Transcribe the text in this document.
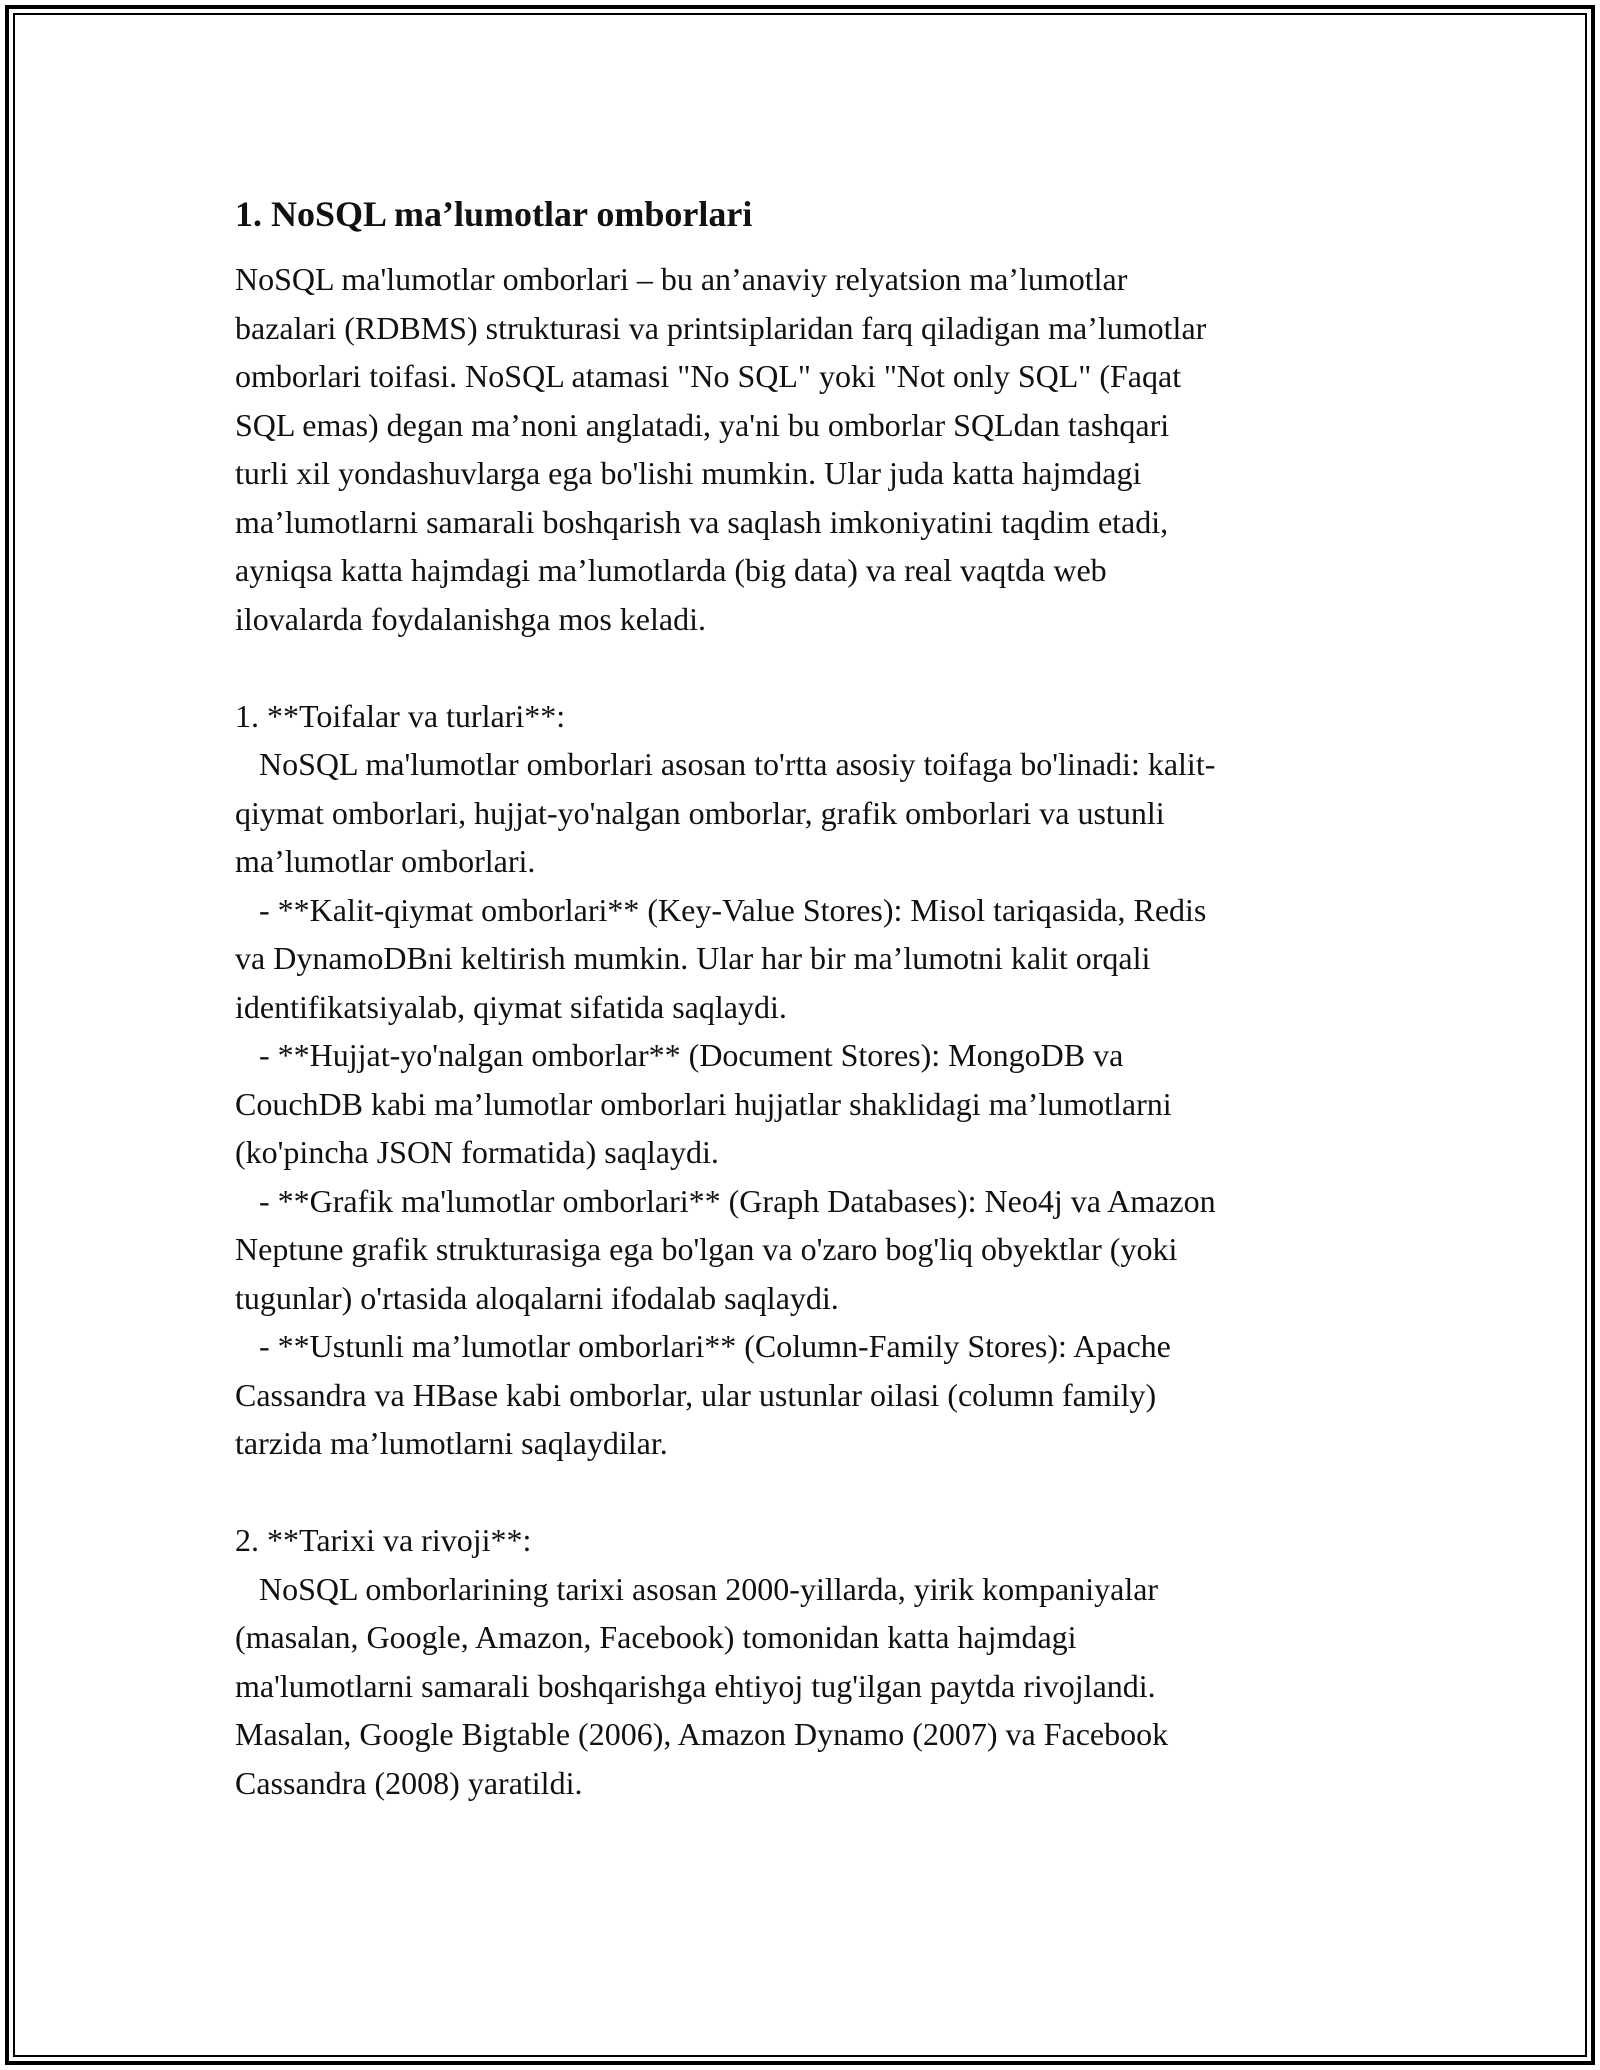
1. NoSQL ma’lumotlar omborlari
NoSQL ma'lumotlar omborlari – bu an’anaviy relyatsion ma’lumotlar
bazalari (RDBMS) strukturasi va printsiplaridan farq qiladigan ma’lumotlar
omborlari toifasi. NoSQL atamasi "No SQL" yoki "Not only SQL" (Faqat
SQL emas) degan ma’noni anglatadi, ya'ni bu omborlar SQLdan tashqari
turli xil yondashuvlarga ega bo'lishi mumkin. Ular juda katta hajmdagi
ma’lumotlarni samarali boshqarish va saqlash imkoniyatini taqdim etadi,
ayniqsa katta hajmdagi ma’lumotlarda (big data) va real vaqtda web
ilovalarda foydalanishga mos keladi.
1. **Toifalar va turlari**:
NoSQL ma'lumotlar omborlari asosan to'rtta asosiy toifaga bo'linadi: kalit-
qiymat omborlari, hujjat-yo'nalgan omborlar, grafik omborlari va ustunli
ma’lumotlar omborlari.
- **Kalit-qiymat omborlari** (Key-Value Stores): Misol tariqasida, Redis
va DynamoDBni keltirish mumkin. Ular har bir ma’lumotni kalit orqali
identifikatsiyalab, qiymat sifatida saqlaydi.
- **Hujjat-yo'nalgan omborlar** (Document Stores): MongoDB va
CouchDB kabi ma’lumotlar omborlari hujjatlar shaklidagi ma’lumotlarni
(ko'pincha JSON formatida) saqlaydi.
- **Grafik ma'lumotlar omborlari** (Graph Databases): Neo4j va Amazon
Neptune grafik strukturasiga ega bo'lgan va o'zaro bog'liq obyektlar (yoki
tugunlar) o'rtasida aloqalarni ifodalab saqlaydi.
- **Ustunli ma’lumotlar omborlari** (Column-Family Stores): Apache
Cassandra va HBase kabi omborlar, ular ustunlar oilasi (column family)
tarzida ma’lumotlarni saqlaydilar.
2. **Tarixi va rivoji**:
NoSQL omborlarining tarixi asosan 2000-yillarda, yirik kompaniyalar
(masalan, Google, Amazon, Facebook) tomonidan katta hajmdagi
ma'lumotlarni samarali boshqarishga ehtiyoj tug'ilgan paytda rivojlandi.
Masalan, Google Bigtable (2006), Amazon Dynamo (2007) va Facebook
Cassandra (2008) yaratildi.
